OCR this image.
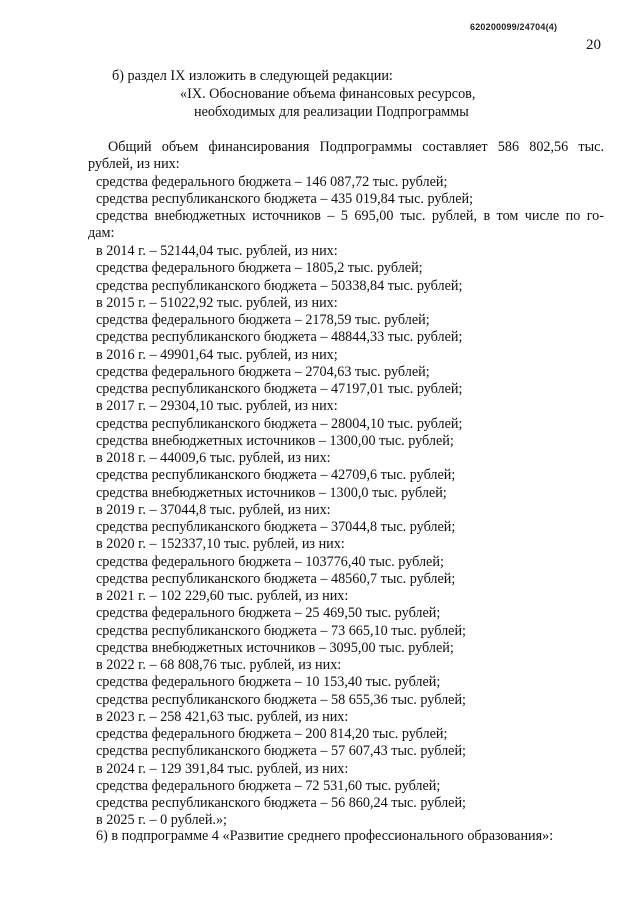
620200099/24704(4)
20
б) раздел IX изложить в следующей редакции:
«IX. Обоснование объема финансовых ресурсов,
необходимых для реализации Подпрограммы
Общий объем финансирования Подпрограммы составляет 586 802,56 тыс.
рублей, из них:
средства федерального бюджета – 146 087,72 тыс. рублей;
средства республиканского бюджета – 435 019,84 тыс. рублей;
средства внебюджетных источников – 5 695,00 тыс. рублей, в том числе по го-
дам:
в 2014 г. – 52144,04 тыс. рублей, из них:
средства федерального бюджета – 1805,2 тыс. рублей;
средства республиканского бюджета – 50338,84 тыс. рублей;
в 2015 г. – 51022,92 тыс. рублей, из них:
средства федерального бюджета – 2178,59 тыс. рублей;
средства республиканского бюджета – 48844,33 тыс. рублей;
в 2016 г. – 49901,64 тыс. рублей, из них;
средства федерального бюджета – 2704,63 тыс. рублей;
средства республиканского бюджета – 47197,01 тыс. рублей;
в 2017 г. – 29304,10 тыс. рублей, из них:
средства республиканского бюджета – 28004,10 тыс. рублей;
средства внебюджетных источников – 1300,00 тыс. рублей;
в 2018 г. – 44009,6 тыс. рублей, из них:
средства республиканского бюджета – 42709,6 тыс. рублей;
средства внебюджетных источников – 1300,0 тыс. рублей;
в 2019 г. – 37044,8 тыс. рублей, из них:
средства республиканского бюджета – 37044,8 тыс. рублей;
в 2020 г. – 152337,10 тыс. рублей, из них:
средства федерального бюджета – 103776,40 тыс. рублей;
средства республиканского бюджета – 48560,7 тыс. рублей;
в 2021 г. – 102 229,60 тыс. рублей, из них:
средства федерального бюджета – 25 469,50 тыс. рублей;
средства республиканского бюджета – 73 665,10 тыс. рублей;
средства внебюджетных источников – 3095,00 тыс. рублей;
в 2022 г. – 68 808,76 тыс. рублей, из них:
средства федерального бюджета – 10 153,40 тыс. рублей;
средства республиканского бюджета – 58 655,36 тыс. рублей;
в 2023 г. – 258 421,63 тыс. рублей, из них:
средства федерального бюджета – 200 814,20 тыс. рублей;
средства республиканского бюджета – 57 607,43 тыс. рублей;
в 2024 г. – 129 391,84 тыс. рублей, из них:
средства федерального бюджета – 72 531,60 тыс. рублей;
средства республиканского бюджета – 56 860,24 тыс. рублей;
в 2025 г. – 0 рублей.»;
6) в подпрограмме 4 «Развитие среднего профессионального образования»:
